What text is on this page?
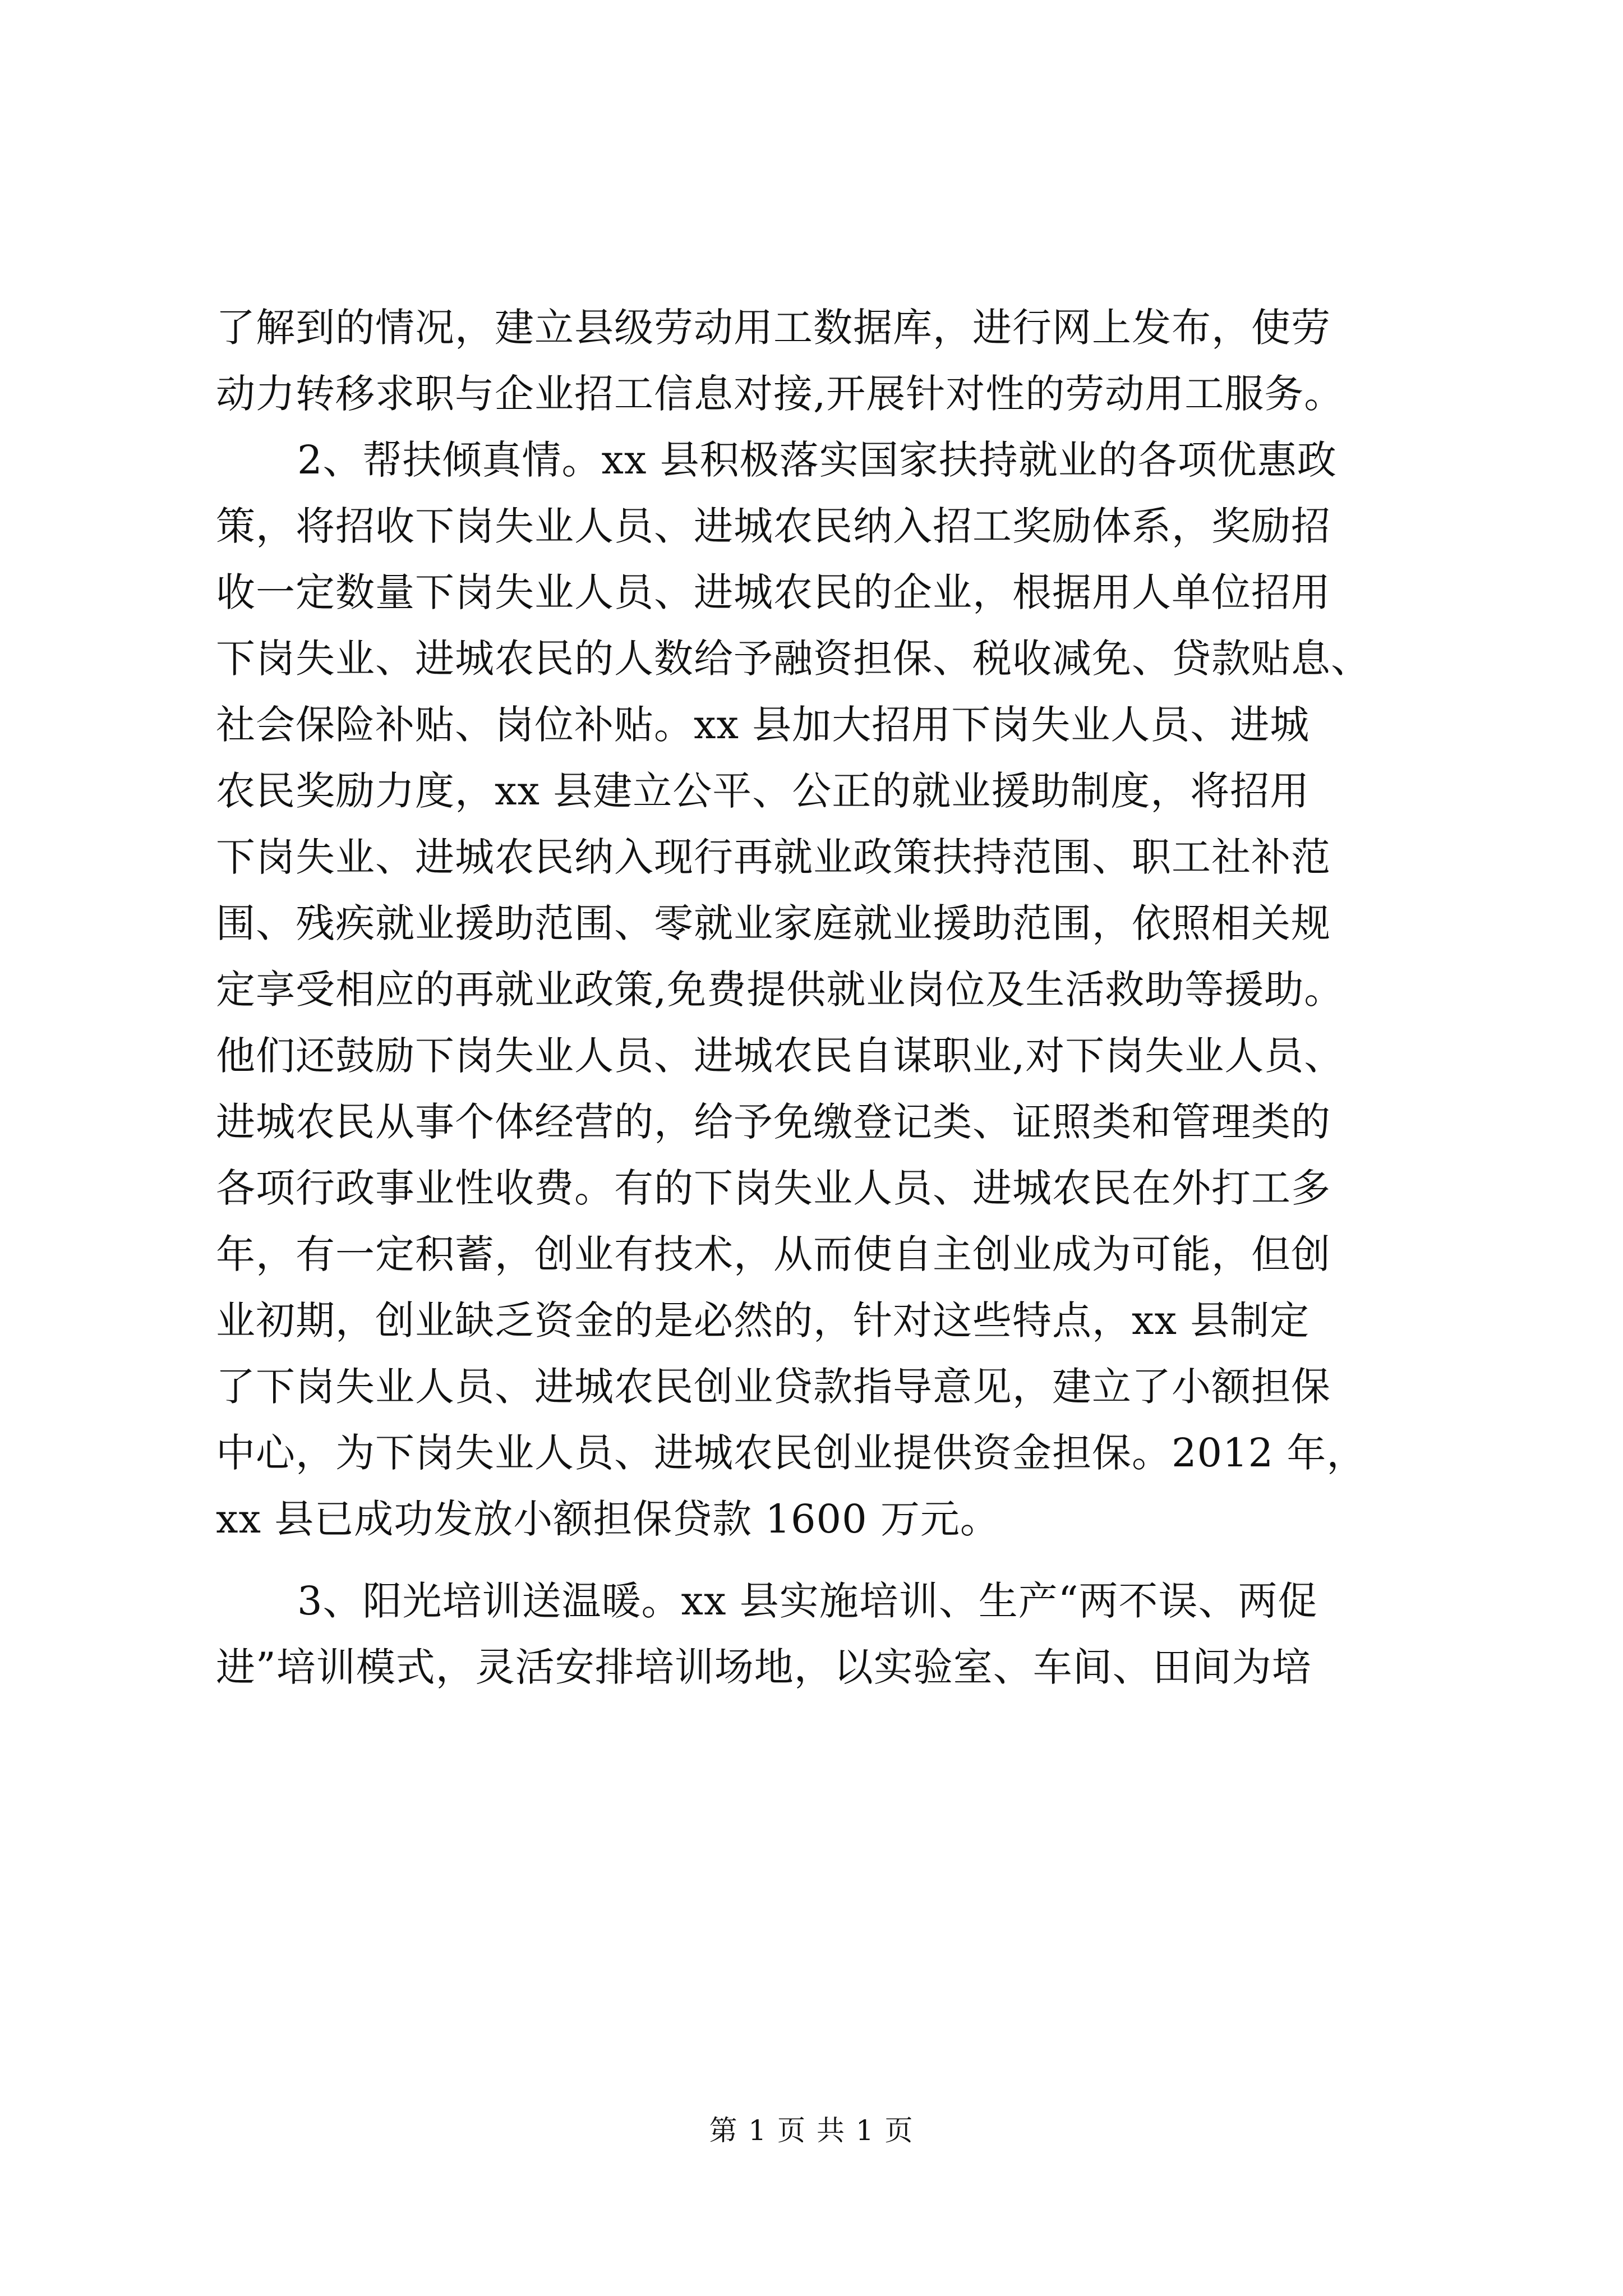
了解到的情况，建立县级劳动用工数据库，进行网上发布，使劳
动力转移求职与企业招工信息对接,开展针对性的劳动用工服务。
2、帮扶倾真情。xx 县积极落实国家扶持就业的各项优惠政
策，将招收下岗失业人员、进城农民纳入招工奖励体系，奖励招
收一定数量下岗失业人员、进城农民的企业，根据用人单位招用
下岗失业、进城农民的人数给予融资担保、税收减免、贷款贴息、
社会保险补贴、岗位补贴。xx 县加大招用下岗失业人员、进城
农民奖励力度，xx 县建立公平、公正的就业援助制度，将招用
下岗失业、进城农民纳入现行再就业政策扶持范围、职工社补范
围、残疾就业援助范围、零就业家庭就业援助范围，依照相关规
定享受相应的再就业政策,免费提供就业岗位及生活救助等援助。
他们还鼓励下岗失业人员、进城农民自谋职业,对下岗失业人员、
进城农民从事个体经营的，给予免缴登记类、证照类和管理类的
各项行政事业性收费。有的下岗失业人员、进城农民在外打工多
年，有一定积蓄，创业有技术，从而使自主创业成为可能，但创
业初期，创业缺乏资金的是必然的，针对这些特点，xx 县制定
了下岗失业人员、进城农民创业贷款指导意见，建立了小额担保
中心，为下岗失业人员、进城农民创业提供资金担保。2012 年，
xx 县已成功发放小额担保贷款 1600 万元。
3、阳光培训送温暖。xx 县实施培训、生产“两不误、两促
进”培训模式，灵活安排培训场地，以实验室、车间、田间为培
第 1 页 共 1 页
